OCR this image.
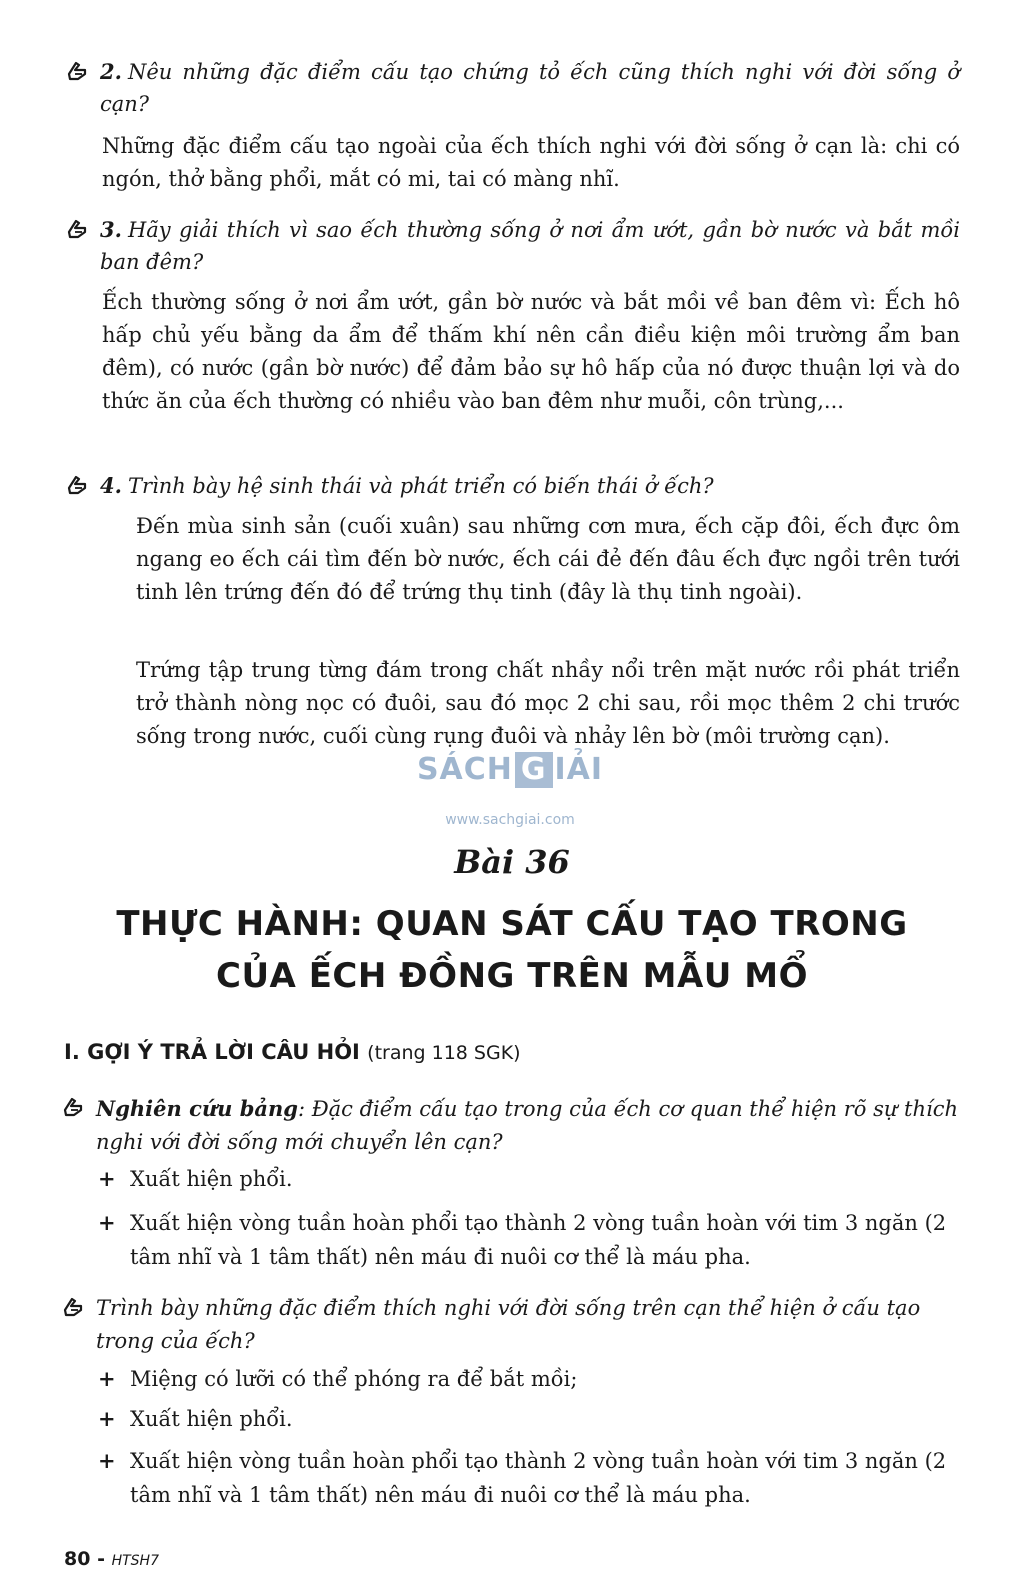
2. Nêu những đặc điểm cấu tạo chứng tỏ ếch cũng thích nghi với đời sống ở cạn?
Những đặc điểm cấu tạo ngoài của ếch thích nghi với đời sống ở cạn là: chi có ngón, thở bằng phổi, mắt có mi, tai có màng nhĩ.
3. Hãy giải thích vì sao ếch thường sống ở nơi ẩm ướt, gần bờ nước và bắt mồi ban đêm?
Ếch thường sống ở nơi ẩm ướt, gần bờ nước và bắt mồi về ban đêm vì: Ếch hô hấp chủ yếu bằng da ẩm để thấm khí nên cần điều kiện môi trường ẩm ban đêm), có nước (gần bờ nước) để đảm bảo sự hô hấp của nó được thuận lợi và do thức ăn của ếch thường có nhiều vào ban đêm như muỗi, côn trùng,...
4. Trình bày hệ sinh thái và phát triển có biến thái ở ếch?
Đến mùa sinh sản (cuối xuân) sau những cơn mưa, ếch cặp đôi, ếch đực ôm ngang eo ếch cái tìm đến bờ nước, ếch cái đẻ đến đâu ếch đực ngồi trên tưới tinh lên trứng đến đó để trứng thụ tinh (đây là thụ tinh ngoài).
Trứng tập trung từng đám trong chất nhầy nổi trên mặt nước rồi phát triển trở thành nòng nọc có đuôi, sau đó mọc 2 chi sau, rồi mọc thêm 2 chi trước sống trong nước, cuối cùng rụng đuôi và nhảy lên bờ (môi trường cạn).
SÁCH G IẢI
www.sachgiai.com
Bài 36
THỰC HÀNH: QUAN SÁT CẤU TẠO TRONG
CỦA ẾCH ĐỒNG TRÊN MẪU MỔ
I. GỢI Ý TRẢ LỜI CÂU HỎI (trang 118 SGK)
Nghiên cứu bảng: Đặc điểm cấu tạo trong của ếch cơ quan thể hiện rõ sự thích nghi với đời sống mới chuyển lên cạn?
+ Xuất hiện phổi.
+ Xuất hiện vòng tuần hoàn phổi tạo thành 2 vòng tuần hoàn với tim 3 ngăn (2 tâm nhĩ và 1 tâm thất) nên máu đi nuôi cơ thể là máu pha.
Trình bày những đặc điểm thích nghi với đời sống trên cạn thể hiện ở cấu tạo trong của ếch?
+ Miệng có lưỡi có thể phóng ra để bắt mồi;
+ Xuất hiện phổi.
+ Xuất hiện vòng tuần hoàn phổi tạo thành 2 vòng tuần hoàn với tim 3 ngăn (2 tâm nhĩ và 1 tâm thất) nên máu đi nuôi cơ thể là máu pha.
80 - HTSH7
